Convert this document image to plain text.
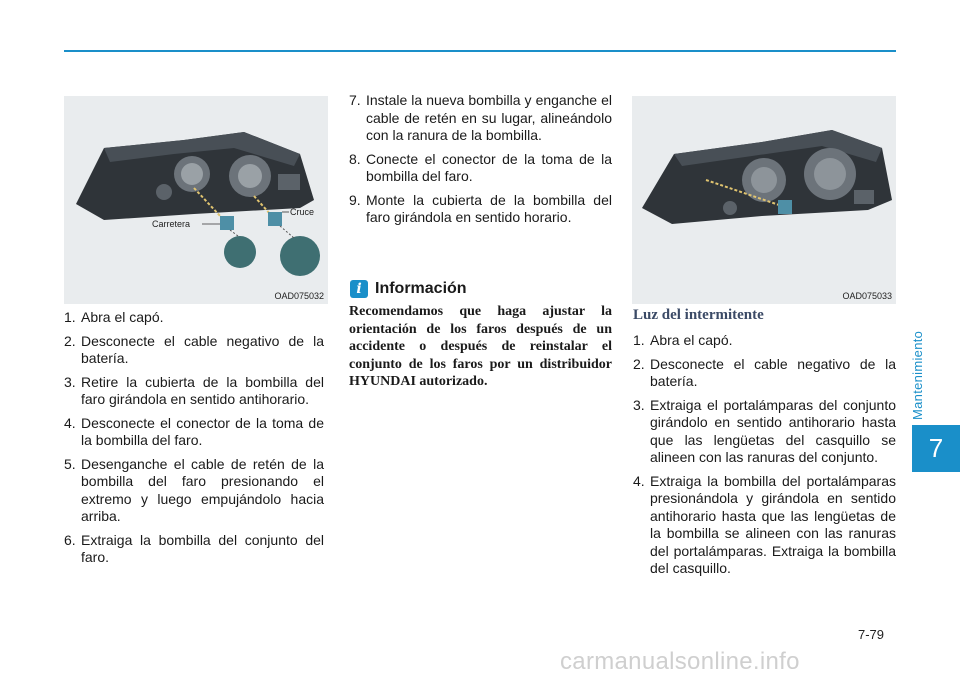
Carretera
Cruce
OAD075032	OAD075033
1. Abra el capó.
2. Desconecte el cable negativo de la batería.
3. Retire la cubierta de la bombilla del faro girándola en sentido antihorario.
4. Desconecte el conector de la toma de la bombilla del faro.
5. Desenganche el cable de retén de la bombilla del faro presionando el extremo y luego empujándolo hacia arriba.
6. Extraiga la bombilla del conjunto del faro.
7. Instale la nueva bombilla y enganche el cable de retén en su lugar, alineándolo con la ranura de la bombilla.
8. Conecte el conector de la toma de la bombilla del faro.
9. Monte la cubierta de la bombilla del faro girándola en sentido horario.
i Información
Recomendamos que haga ajustar la orientación de los faros después de un accidente o después de reinstalar el conjunto de los faros por un distribuidor HYUNDAI autorizado.
Luz del intermitente
1. Abra el capó.
2. Desconecte el cable negativo de la batería.
3. Extraiga el portalámparas del conjunto girándolo en sentido antihorario hasta que las lengüetas del casquillo se alineen con las ranuras del conjunto.
4. Extraiga la bombilla del portalámparas presionándola y girándola en sentido antihorario hasta que las lengüetas de la bombilla se alineen con las ranuras del portalámparas. Extraiga la bombilla del casquillo.
Mantenimiento
7
7-79
carmanualsonline.info
